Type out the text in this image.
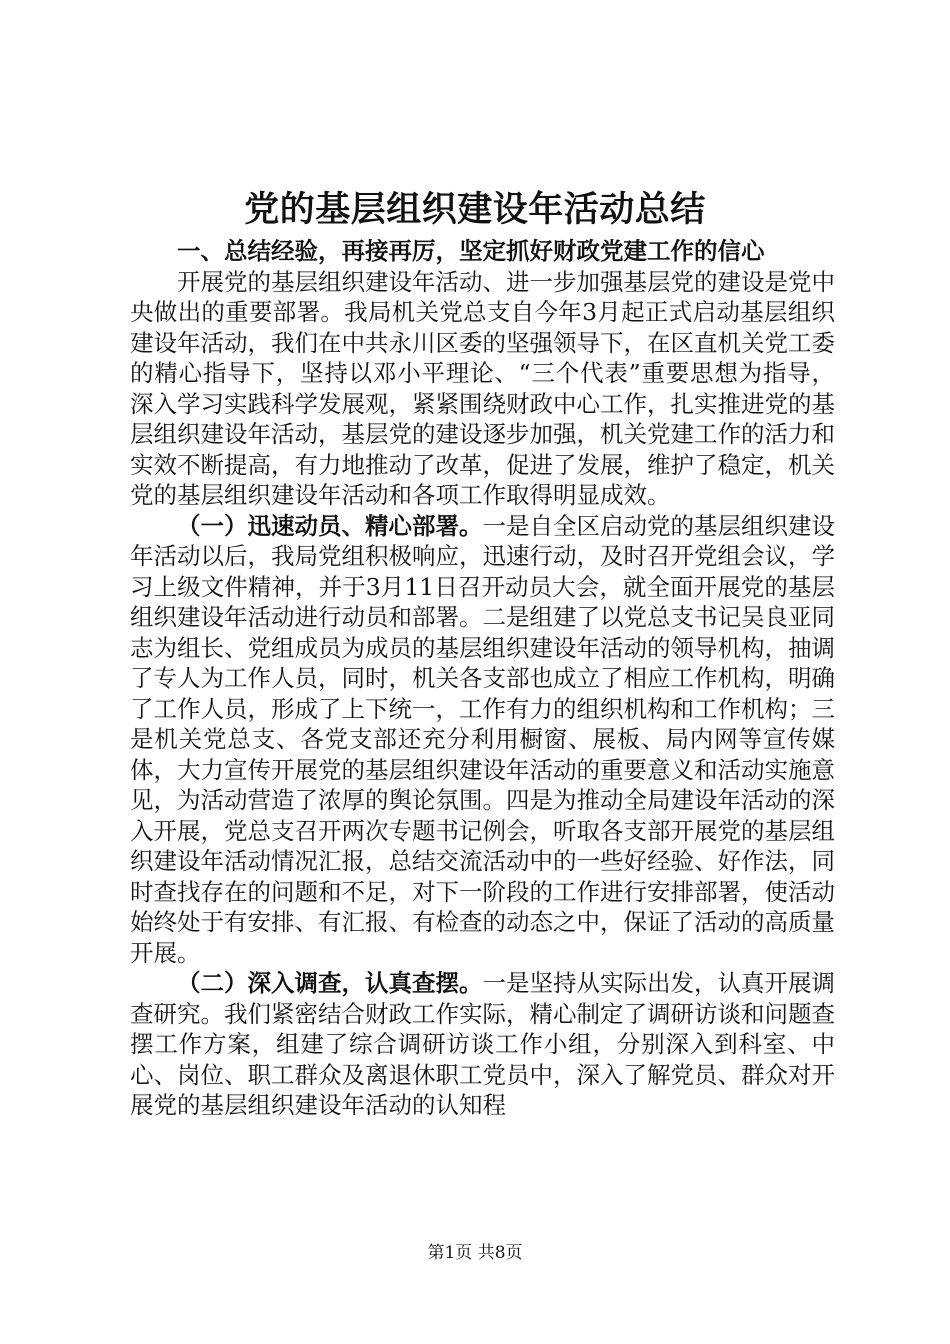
党的基层组织建设年活动总结

一、总结经验，再接再厉，坚定抓好财政党建工作的信心

开展党的基层组织建设年活动、进一步加强基层党的建设是党中央做出的重要部署。我局机关党总支自今年3月起正式启动基层组织建设年活动，我们在中共永川区委的坚强领导下，在区直机关党工委的精心指导下，坚持以邓小平理论、“三个代表”重要思想为指导，深入学习实践科学发展观，紧紧围绕财政中心工作，扎实推进党的基层组织建设年活动，基层党的建设逐步加强，机关党建工作的活力和实效不断提高，有力地推动了改革，促进了发展，维护了稳定，机关党的基层组织建设年活动和各项工作取得明显成效。

（一）迅速动员、精心部署。一是自全区启动党的基层组织建设年活动以后，我局党组积极响应，迅速行动，及时召开党组会议，学习上级文件精神，并于3月11日召开动员大会，就全面开展党的基层组织建设年活动进行动员和部署。二是组建了以党总支书记吴良亚同志为组长、党组成员为成员的基层组织建设年活动的领导机构，抽调了专人为工作人员，同时，机关各支部也成立了相应工作机构，明确了工作人员，形成了上下统一，工作有力的组织机构和工作机构；三是机关党总支、各党支部还充分利用橱窗、展板、局内网等宣传媒体，大力宣传开展党的基层组织建设年活动的重要意义和活动实施意见，为活动营造了浓厚的舆论氛围。四是为推动全局建设年活动的深入开展，党总支召开两次专题书记例会，听取各支部开展党的基层组织建设年活动情况汇报，总结交流活动中的一些好经验、好作法，同时查找存在的问题和不足，对下一阶段的工作进行安排部署，使活动始终处于有安排、有汇报、有检查的动态之中，保证了活动的高质量开展。

（二）深入调查，认真查摆。一是坚持从实际出发，认真开展调查研究。我们紧密结合财政工作实际，精心制定了调研访谈和问题查摆工作方案，组建了综合调研访谈工作小组，分别深入到科室、中心、岗位、职工群众及离退休职工党员中，深入了解党员、群众对开展党的基层组织建设年活动的认知程

第1页 共8页
